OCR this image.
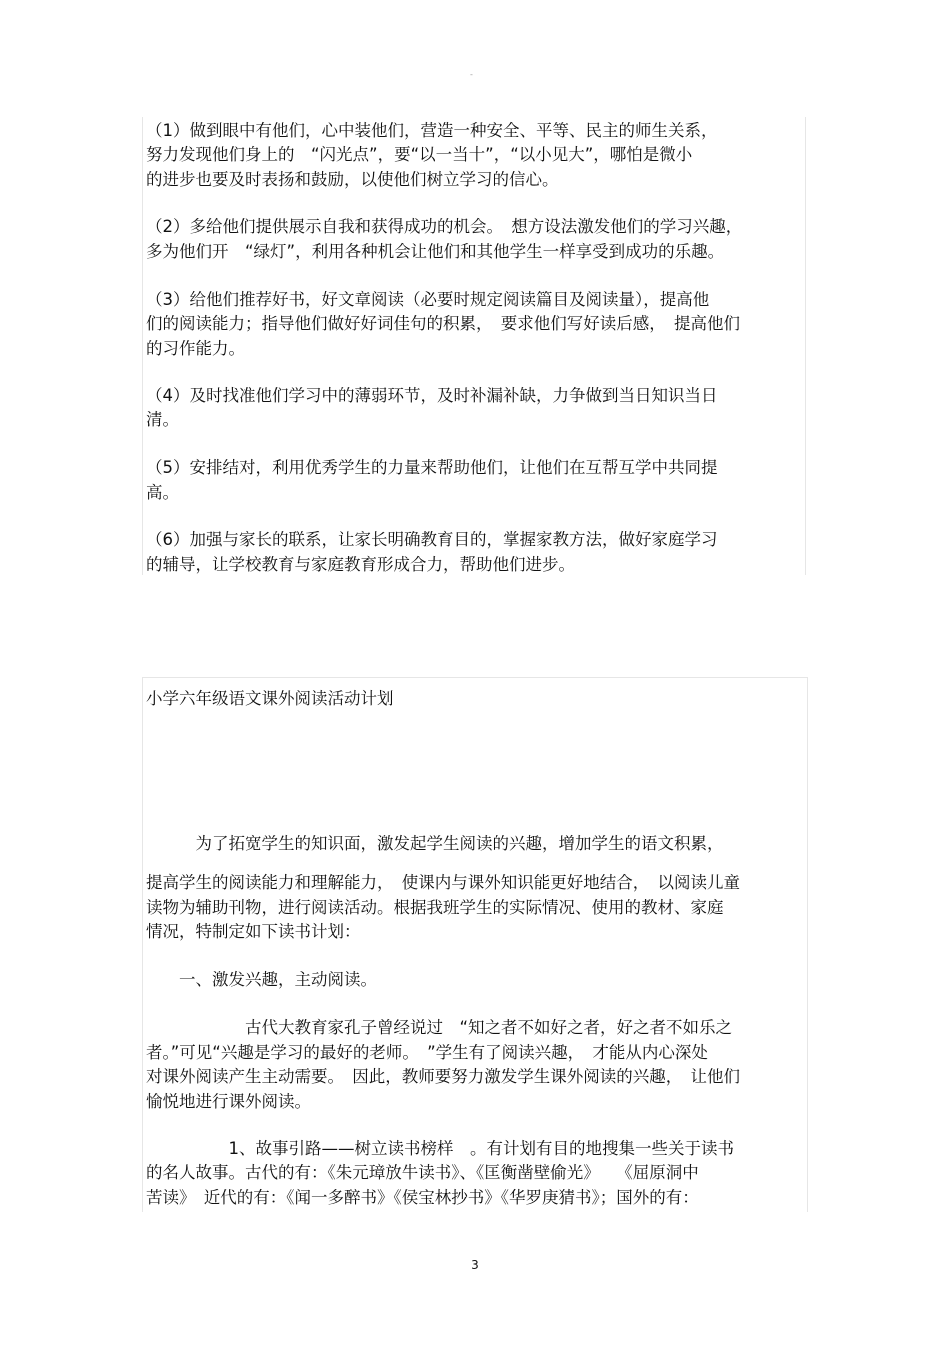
-
（1）做到眼中有他们，心中装他们，营造一种安全、平等、民主的师生关系，
努力发现他们身上的　“闪光点”，要“以一当十”，“以小见大”，哪怕是微小
的进步也要及时表扬和鼓励，以使他们树立学习的信心。
（2）多给他们提供展示自我和获得成功的机会。　想方设法激发他们的学习兴趣，
多为他们开　“绿灯”，利用各种机会让他们和其他学生一样享受到成功的乐趣。
（3）给他们推荐好书，好文章阅读（必要时规定阅读篇目及阅读量），提高他
们的阅读能力；指导他们做好好词佳句的积累，　要求他们写好读后感，　提高他们
的习作能力。
（4）及时找准他们学习中的薄弱环节，及时补漏补缺，力争做到当日知识当日
清。
（5）安排结对，利用优秀学生的力量来帮助他们，让他们在互帮互学中共同提
高。
（6）加强与家长的联系，让家长明确教育目的，掌握家教方法，做好家庭学习
的辅导，让学校教育与家庭教育形成合力，帮助他们进步。
小学六年级语文课外阅读活动计划
　　　为了拓宽学生的知识面，激发起学生阅读的兴趣，增加学生的语文积累，
提高学生的阅读能力和理解能力，　使课内与课外知识能更好地结合，　以阅读儿童
读物为辅助刊物，进行阅读活动。根据我班学生的实际情况、使用的教材、家庭
情况，特制定如下读书计划：
　　一、激发兴趣，主动阅读。
　　　　　　古代大教育家孔子曾经说过　“知之者不如好之者，好之者不如乐之
者。”可见“兴趣是学习的最好的老师。　”学生有了阅读兴趣，　才能从内心深处
对课外阅读产生主动需要。　因此，教师要努力激发学生课外阅读的兴趣，　让他们
愉悦地进行课外阅读。
　　　　　1、故事引路——树立读书榜样　。有计划有目的地搜集一些关于读书
的名人故事。古代的有：《朱元璋放牛读书》、《匡衡凿壁偷光》　　《屈原洞中
苦读》　近代的有：《闻一多醉书》《侯宝林抄书》《华罗庚猜书》；国外的有：
3
